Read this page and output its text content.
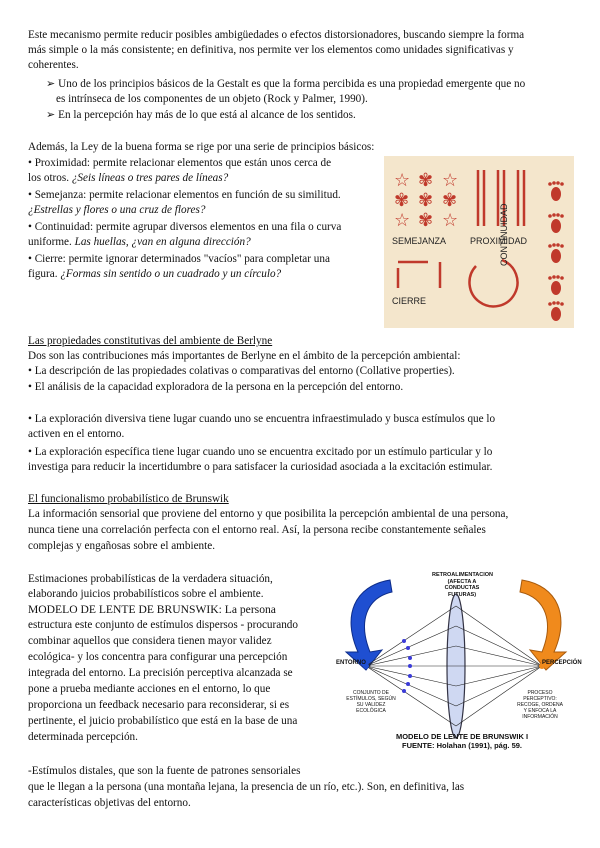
Este mecanismo permite reducir posibles ambigüedades o efectos distorsionadores, buscando siempre la forma
más simple o la más consistente; en definitiva, nos permite ver los elementos como unidades significativas y
coherentes.
➢ Uno de los principios básicos de la Gestalt es que la forma percibida es una propiedad emergente que no
es intrínseca de los componentes de un objeto (Rock y Palmer, 1990).
➢ En la percepción hay más de lo que está al alcance de los sentidos.
Además, la Ley de la buena forma se rige por una serie de principios básicos:
• Proximidad: permite relacionar elementos que están unos cerca de
los otros. ¿Seis líneas o tres pares de líneas?
• Semejanza: permite relacionar elementos en función de su similitud.
¿Estrellas y flores o una cruz de flores?
• Continuidad: permite agrupar diversos elementos en una fila o curva
uniforme. Las huellas, ¿van en alguna dirección?
• Cierre: permite ignorar determinados "vacíos" para completar una
figura. ¿Formas sin sentido o un cuadrado y un círculo?
☆ ✾ ☆
✾ ✾ ✾
☆ ✾ ☆
SEMEJANZA	PROXIMIDAD
CIERRE
CONTINUIDAD
Las propiedades constitutivas del ambiente de Berlyne
Dos son las contribuciones más importantes de Berlyne en el ámbito de la percepción ambiental:
• La descripción de las propiedades colativas o comparativas del entorno (Collative properties).
• El análisis de la capacidad exploradora de la persona en la percepción del entorno.
• La exploración diversiva tiene lugar cuando uno se encuentra infraestimulado y busca estímulos que lo
activen en el entorno.
• La exploración específica tiene lugar cuando uno se encuentra excitado por un estímulo particular y lo
investiga para reducir la incertidumbre o para satisfacer la curiosidad asociada a la excitación estimular.
El funcionalismo probabilístico de Brunswik
La información sensorial que proviene del entorno y que posibilita la percepción ambiental de una persona,
nunca tiene una correlación perfecta con el entorno real. Así, la persona recibe constantemente señales
complejas y engañosas sobre el ambiente.
Estimaciones probabilísticas de la verdadera situación,
elaborando juicios probabilísticos sobre el ambiente.
MODELO DE LENTE DE BRUNSWIK: La persona
estructura este conjunto de estímulos dispersos - procurando
combinar aquellos que considera tienen mayor validez
ecológica- y los concentra para configurar una percepción
integrada del entorno. La precisión perceptiva alcanzada se
pone a prueba mediante acciones en el entorno, lo que
proporciona un feedback necesario para reconsiderar, si es
pertinente, el juicio probabilístico que está en la base de una
determinada percepción.
-Estímulos distales, que son la fuente de patrones sensoriales
que le llegan a la persona (una montaña lejana, la presencia de un río, etc.). Son, en definitiva, las
características objetivas del entorno.
RETROALIMENTACION
(AFECTA A
CONDUCTAS FUTURAS)
ENTORNO	PERCEPCIÓN
CONJUNTO DE
ESTÍMULOS, SEGÚN
SU VALIDEZ
ECOLÓGICA
PROCESO
PERCEPTIVO:
RECOGE, ORDENA
Y ENFOCA LA
INFORMACIÓN
MODELO DE LENTE DE BRUNSWIK I
FUENTE: Holahan (1991), pág. 59.
